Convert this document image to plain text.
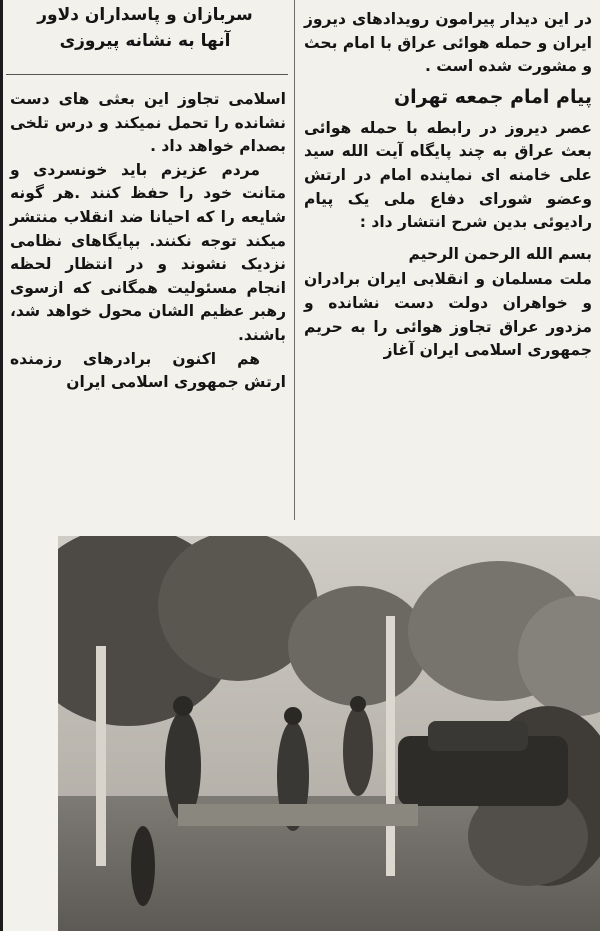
سربازان و پاسداران دلاور
آنها به نشانه پیروزی

اسلامی تجاوز این بعثی های دست نشانده را تحمل نمیکند و درس تلخی بصدام خواهد داد .

مردم عزیزم باید خونسردی و متانت خود را حفظ کنند .هر گونه شایعه را که احیانا ضد انقلاب منتشر میکند توجه نکنند. بپایگاهای نظامی نزدیک نشوند و در انتظار لحظه انجام مسئولیت همگانی که ازسوی رهبر عظیم الشان محول خواهد شد، باشند.

هم اکنون برادرهای رزمنده ارتش جمهوری اسلامی ایران

در این دیدار پیرامون رویدادهای دیروز ایران و حمله هوائی عراق با امام بحث و مشورت شده است .

پیام امام جمعه تهران

عصر دیروز در رابطه با حمله هوائی بعث عراق به چند پایگاه آیت الله سید علی خامنه ای نماینده امام در ارتش وعضو شورای دفاع ملی یک پیام رادیوئی بدین شرح انتشار داد :

بسم الله الرحمن الرحیم

ملت مسلمان و انقلابی ایران برادران و خواهران دولت دست نشانده و مزدور عراق تجاوز هوائی را به حریم جمهوری اسلامی ایران آغاز
